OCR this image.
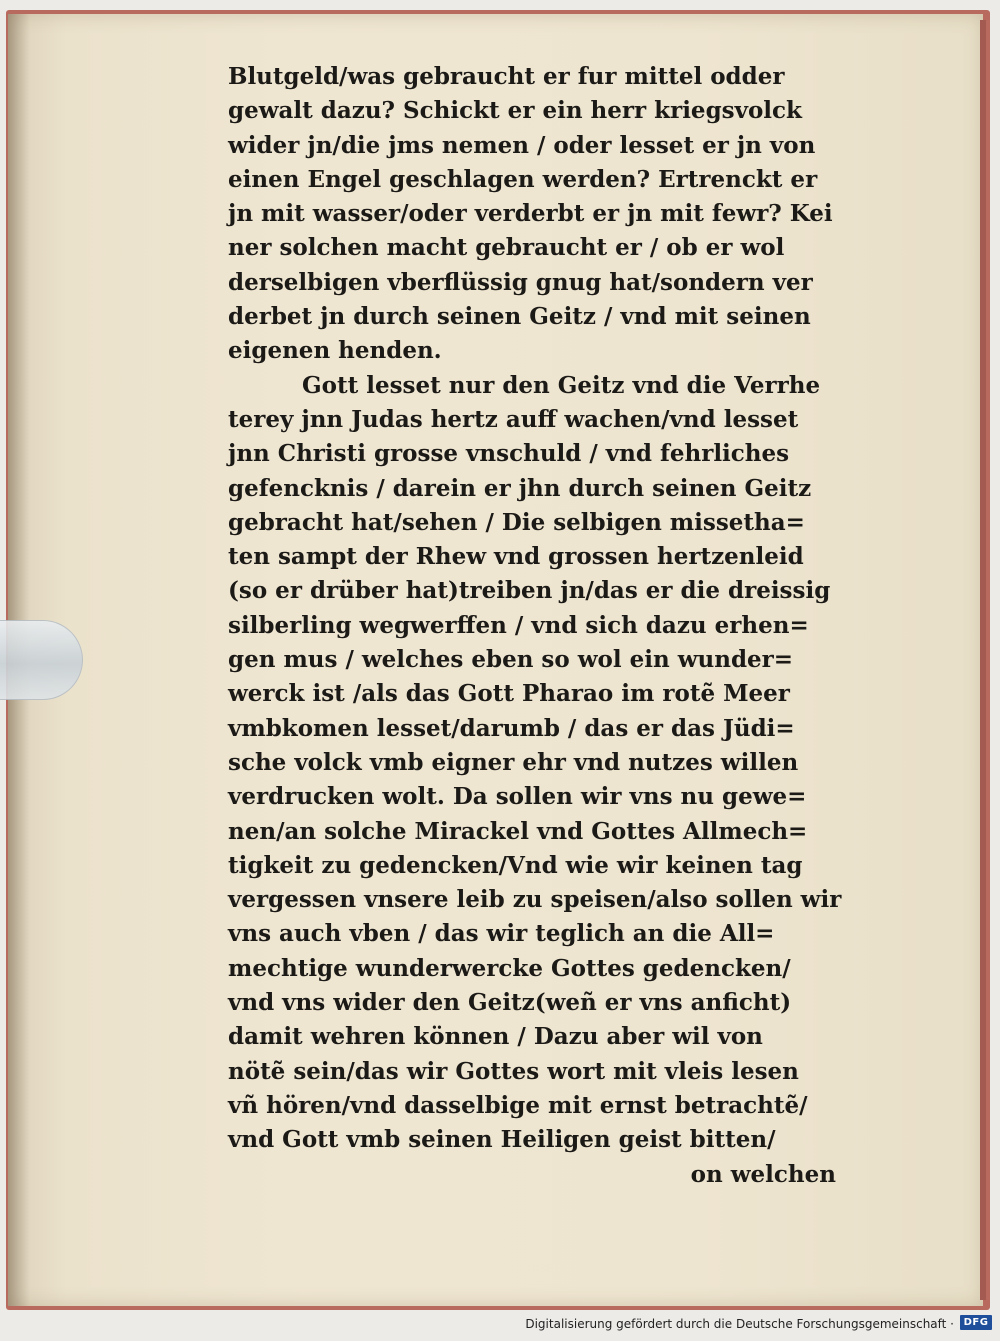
Blutgeld/was gebraucht er fur mittel odder
gewalt dazu? Schickt er ein herr kriegsvolck
wider jn/die jms nemen / oder lesset er jn von
einen Engel geschlagen werden? Ertrenckt er
jn mit wasser/oder verderbt er jn mit fewr? Kei
ner solchen macht gebraucht er / ob er wol
derselbigen vberflüssig gnug hat/sondern ver
derbet jn durch seinen Geitz / vnd mit seinen
eigenen henden.
Gott lesset nur den Geitz vnd die Verrhe
terey jnn Judas hertz auff wachen/vnd lesset
jnn Christi grosse vnschuld / vnd fehrliches
gefencknis / darein er jhn durch seinen Geitz
gebracht hat/sehen / Die selbigen missetha=
ten sampt der Rhew vnd grossen hertzenleid
(so er drüber hat)treiben jn/das er die dreissig
silberling wegwerffen / vnd sich dazu erhen=
gen mus / welches eben so wol ein wunder=
werck ist /als das Gott Pharao im rotẽ Meer
vmbkomen lesset/darumb / das er das Jüdi=
sche volck vmb eigner ehr vnd nutzes willen
verdrucken wolt. Da sollen wir vns nu gewe=
nen/an solche Mirackel vnd Gottes Allmech=
tigkeit zu gedencken/Vnd wie wir keinen tag
vergessen vnsere leib zu speisen/also sollen wir
vns auch vben / das wir teglich an die All=
mechtige wunderwercke Gottes gedencken/
vnd vns wider den Geitz(weñ er vns anficht)
damit wehren können / Dazu aber wil von
nötẽ sein/das wir Gottes wort mit vleis lesen
vñ hören/vnd dasselbige mit ernst betrachtẽ/
vnd Gott vmb seinen Heiligen geist bitten/
on welchen
Digitalisierung gefördert durch die Deutsche Forschungsgemeinschaft · DFG
